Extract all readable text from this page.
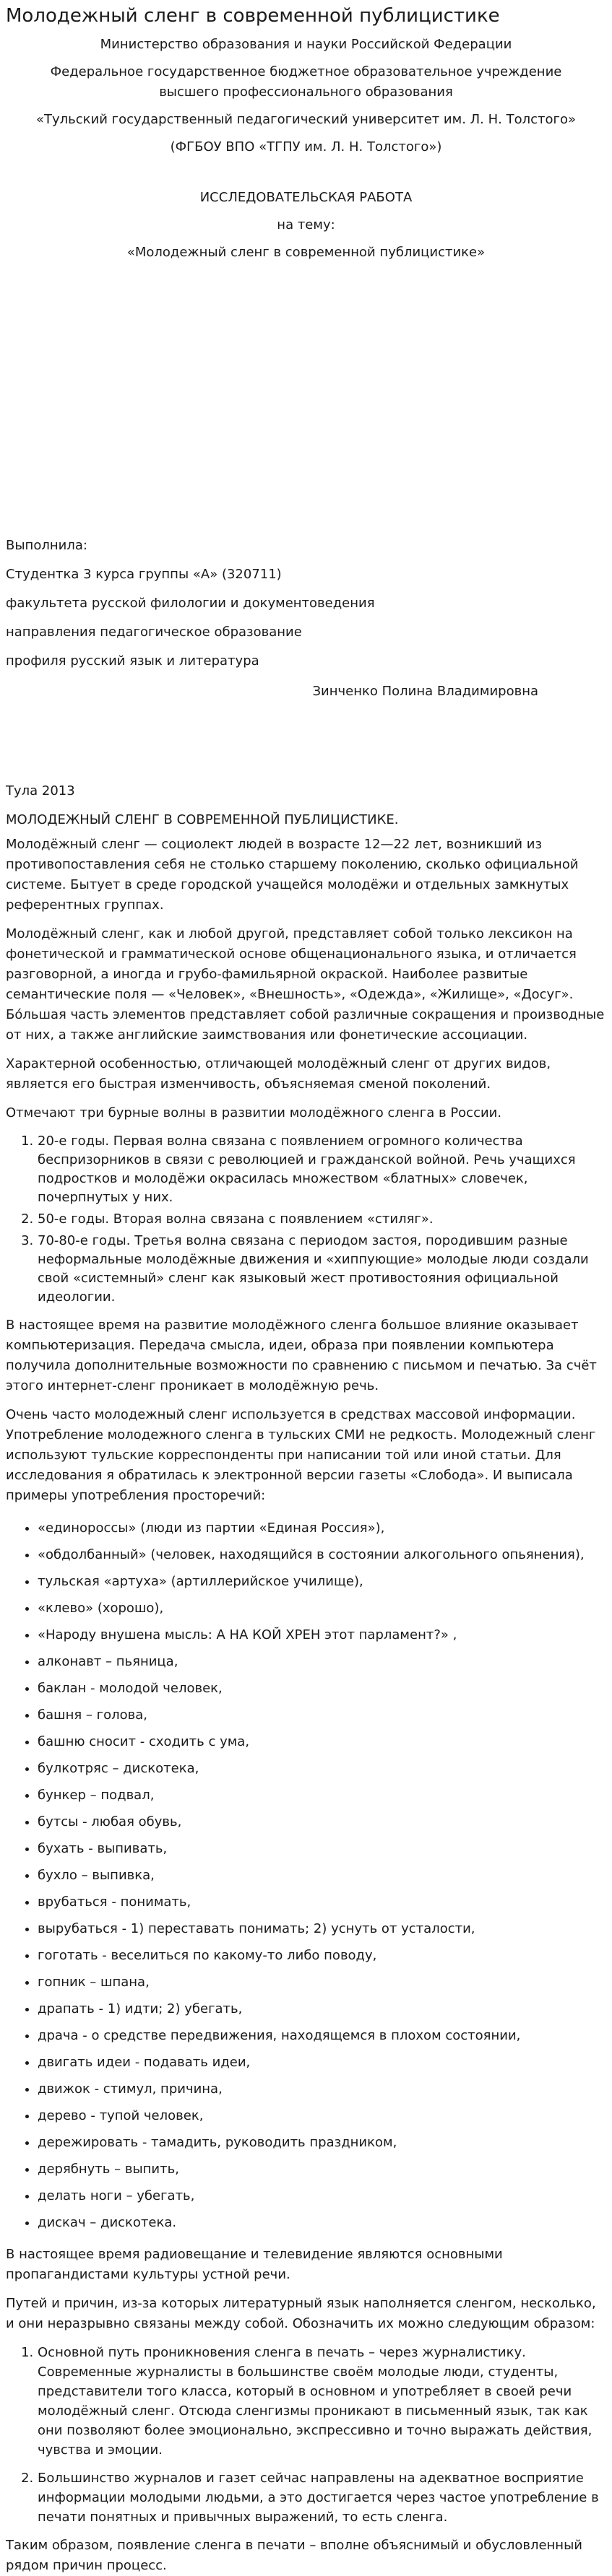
Молодежный сленг в современной публицистике

Министерство образования и науки Российской Федерации

Федеральное государственное бюджетное образовательное учреждение

высшего профессионального образования

«Тульский государственный педагогический университет им. Л. Н. Толстого»

(ФГБОУ ВПО «ТГПУ им. Л. Н. Толстого»)

ИССЛЕДОВАТЕЛЬСКАЯ РАБОТА

на тему:

«Молодежный сленг в современной публицистике»

Выполнила:

Студентка 3 курса группы «А» (320711)

факультета русской филологии и документоведения

направления педагогическое образование

профиля русский язык и литература

Зинченко Полина Владимировна

Тула 2013

МОЛОДЕЖНЫЙ СЛЕНГ В СОВРЕМЕННОЙ ПУБЛИЦИСТИКЕ.

Молодёжный сленг — социолект людей в возрасте 12—22 лет, возникший из противопоставления себя не столько старшему поколению, сколько официальной системе. Бытует в среде городской учащейся молодёжи и отдельных замкнутых референтных группах.

Молодёжный сленг, как и любой другой, представляет собой только лексикон на фонетической и грамматической основе общенационального языка, и отличается разговорной, а иногда и грубо-фамильярной окраской. Наиболее развитые семантические поля — «Человек», «Внешность», «Одежда», «Жилище», «Досуг». Бо́льшая часть элементов представляет собой различные сокращения и производные от них, а также английские заимствования или фонетические ассоциации.

Характерной особенностью, отличающей молодёжный сленг от других видов, является его быстрая изменчивость, объясняемая сменой поколений.

Отмечают три бурные волны в развитии молодёжного сленга в России.

1. 20-е годы. Первая волна связана с появлением огромного количества беспризорников в связи с революцией и гражданской войной. Речь учащихся подростков и молодёжи окрасилась множеством «блатных» словечек, почерпнутых у них.
2. 50-е годы. Вторая волна связана с появлением «стиляг».
3. 70-80-е годы. Третья волна связана с периодом застоя, породившим разные неформальные молодёжные движения и «хиппующие» молодые люди создали свой «системный» сленг как языковый жест противостояния официальной идеологии.

В настоящее время на развитие молодёжного сленга большое влияние оказывает компьютеризация. Передача смысла, идеи, образа при появлении компьютера получила дополнительные возможности по сравнению с письмом и печатью. За счёт этого интернет-сленг проникает в молодёжную речь.

Очень часто молодежный сленг используется в средствах массовой информации. Употребление молодежного сленга в тульских СМИ не редкость. Молодежный сленг используют тульские корреспонденты при написании той или иной статьи. Для исследования я обратилась к электронной версии газеты «Слобода». И выписала примеры употребления просторечий:

• «единороссы» (люди из партии «Единая Россия»),
• «обдолбанный» (человек, находящийся в состоянии алкогольного опьянения),
• тульская «артуха» (артиллерийское училище),
• «клево» (хорошо),
• «Народу внушена мысль: А НА КОЙ ХРЕН этот парламент?» ,
• алконавт – пьяница,
• баклан - молодой человек,
• башня – голова,
• башню сносит - сходить с ума,
• булкотряс – дискотека,
• бункер – подвал,
• бутсы - любая обувь,
• бухать - выпивать,
• бухло – выпивка,
• врубаться - понимать,
• вырубаться - 1) переставать понимать; 2) уснуть от усталости,
• гоготать - веселиться по какому-то либо поводу,
• гопник – шпана,
• драпать - 1) идти; 2) убегать,
• драча - о средстве передвижения, находящемся в плохом состоянии,
• двигать идеи - подавать идеи,
• движок - стимул, причина,
• дерево - тупой человек,
• дережировать - тамадить, руководить праздником,
• дерябнуть – выпить,
• делать ноги – убегать,
• дискач – дискотека.

В настоящее время радиовещание и телевидение являются основными пропагандистами культуры устной речи.

Путей и причин, из-за которых литературный язык наполняется сленгом, несколько, и они неразрывно связаны между собой. Обозначить их можно следующим образом:

1. Основной путь проникновения сленга в печать – через журналистику. Современные журналисты в большинстве своём молодые люди, студенты, представители того класса, который в основном и употребляет в своей речи молодёжный сленг. Отсюда сленгизмы проникают в письменный язык, так как они позволяют более эмоционально, экспрессивно и точно выражать действия, чувства и эмоции.
2. Большинство журналов и газет сейчас направлены на адекватное восприятие информации молодыми людьми, а это достигается через частое употребление в печати понятных и привычных выражений, то есть сленга.

Таким образом, появление сленга в печати – вполне объяснимый и обусловленный рядом причин процесс.
